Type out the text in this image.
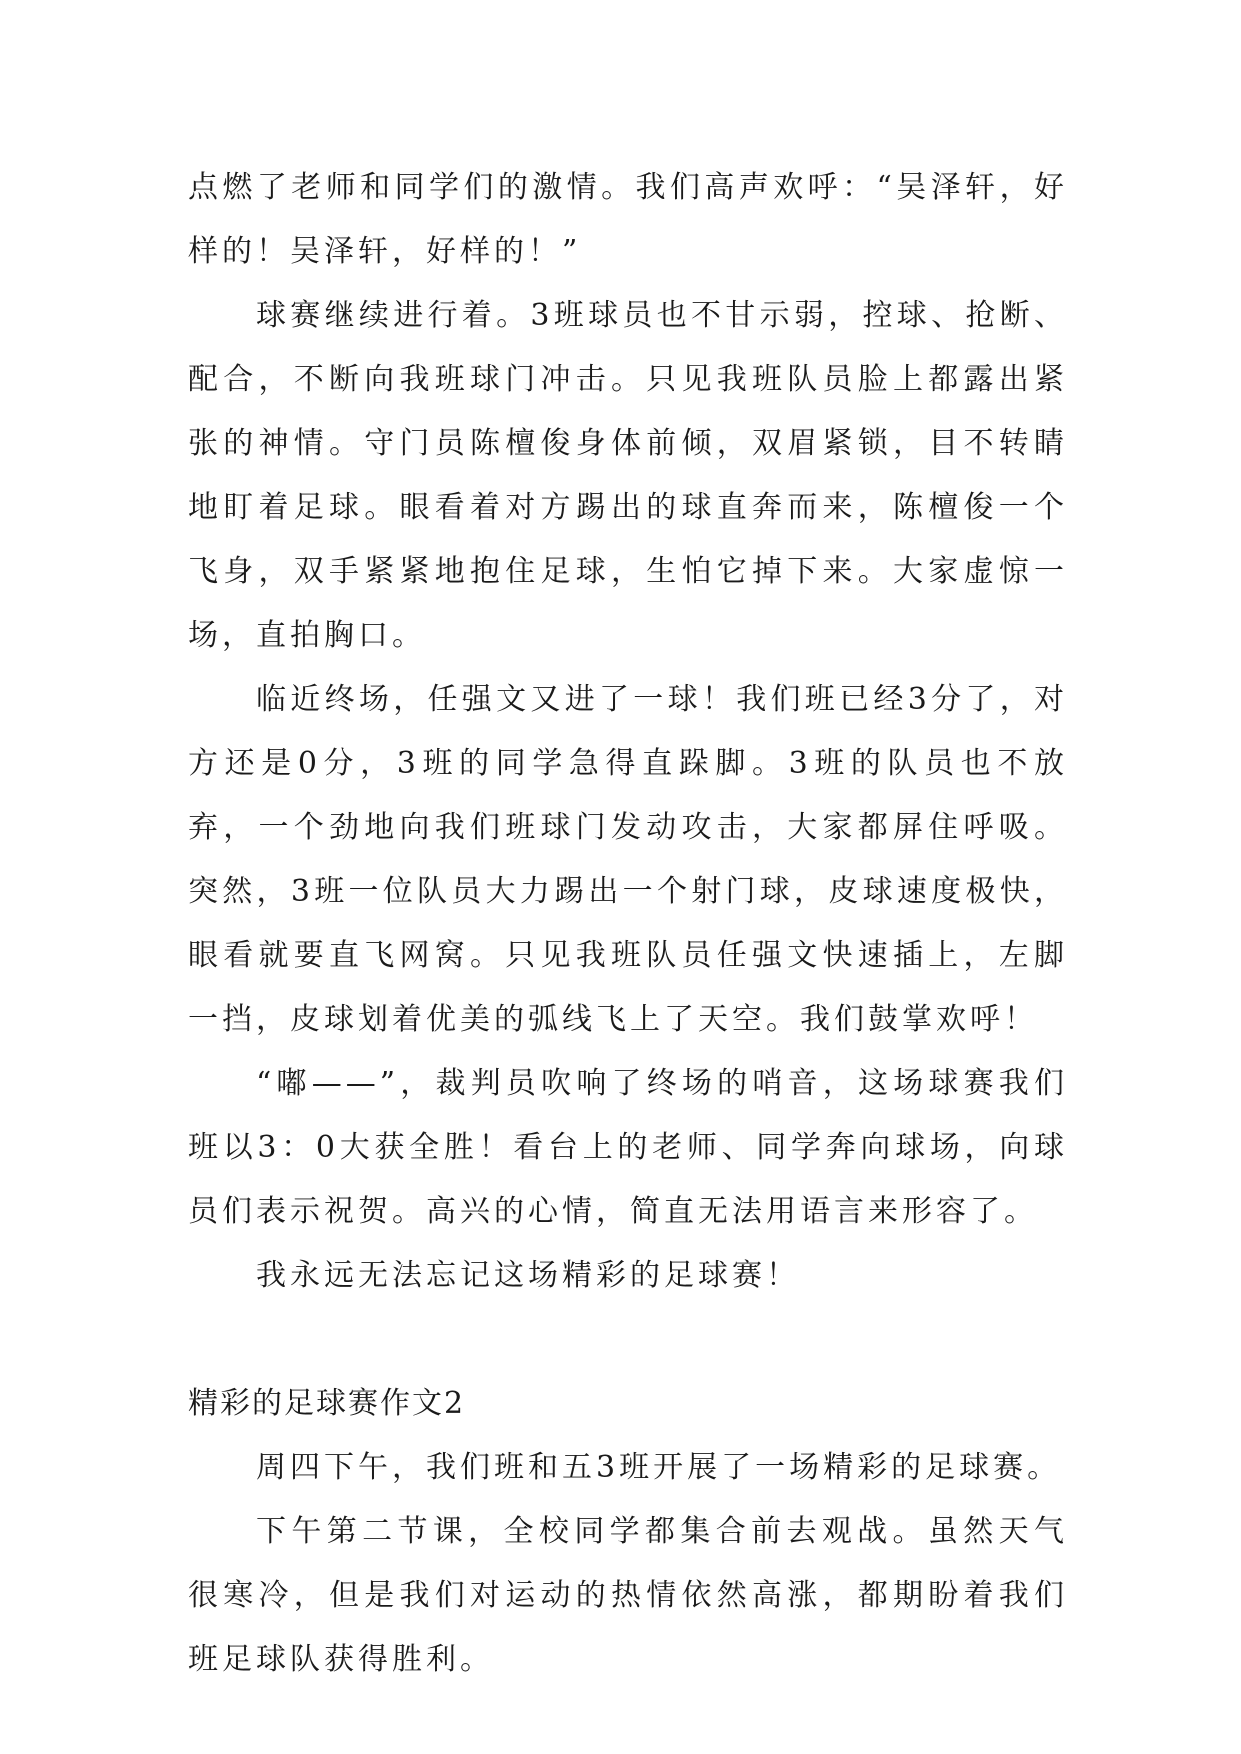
点燃了老师和同学们的激情。我们高声欢呼：“吴泽轩，好样的！吴泽轩，好样的！”

球赛继续进行着。3班球员也不甘示弱，控球、抢断、配合，不断向我班球门冲击。只见我班队员脸上都露出紧张的神情。守门员陈檀俊身体前倾，双眉紧锁，目不转睛地盯着足球。眼看着对方踢出的球直奔而来，陈檀俊一个飞身，双手紧紧地抱住足球，生怕它掉下来。大家虚惊一场，直拍胸口。

临近终场，任强文又进了一球！我们班已经3分了，对方还是0分，3班的同学急得直跺脚。3班的队员也不放弃，一个劲地向我们班球门发动攻击，大家都屏住呼吸。突然，3班一位队员大力踢出一个射门球，皮球速度极快，眼看就要直飞网窝。只见我班队员任强文快速插上，左脚一挡，皮球划着优美的弧线飞上了天空。我们鼓掌欢呼！

“嘟——”，裁判员吹响了终场的哨音，这场球赛我们班以3：0大获全胜！看台上的老师、同学奔向球场，向球员们表示祝贺。高兴的心情，简直无法用语言来形容了。

我永远无法忘记这场精彩的足球赛！

精彩的足球赛作文2

周四下午，我们班和五3班开展了一场精彩的足球赛。

下午第二节课，全校同学都集合前去观战。虽然天气很寒冷，但是我们对运动的热情依然高涨，都期盼着我们班足球队获得胜利。
